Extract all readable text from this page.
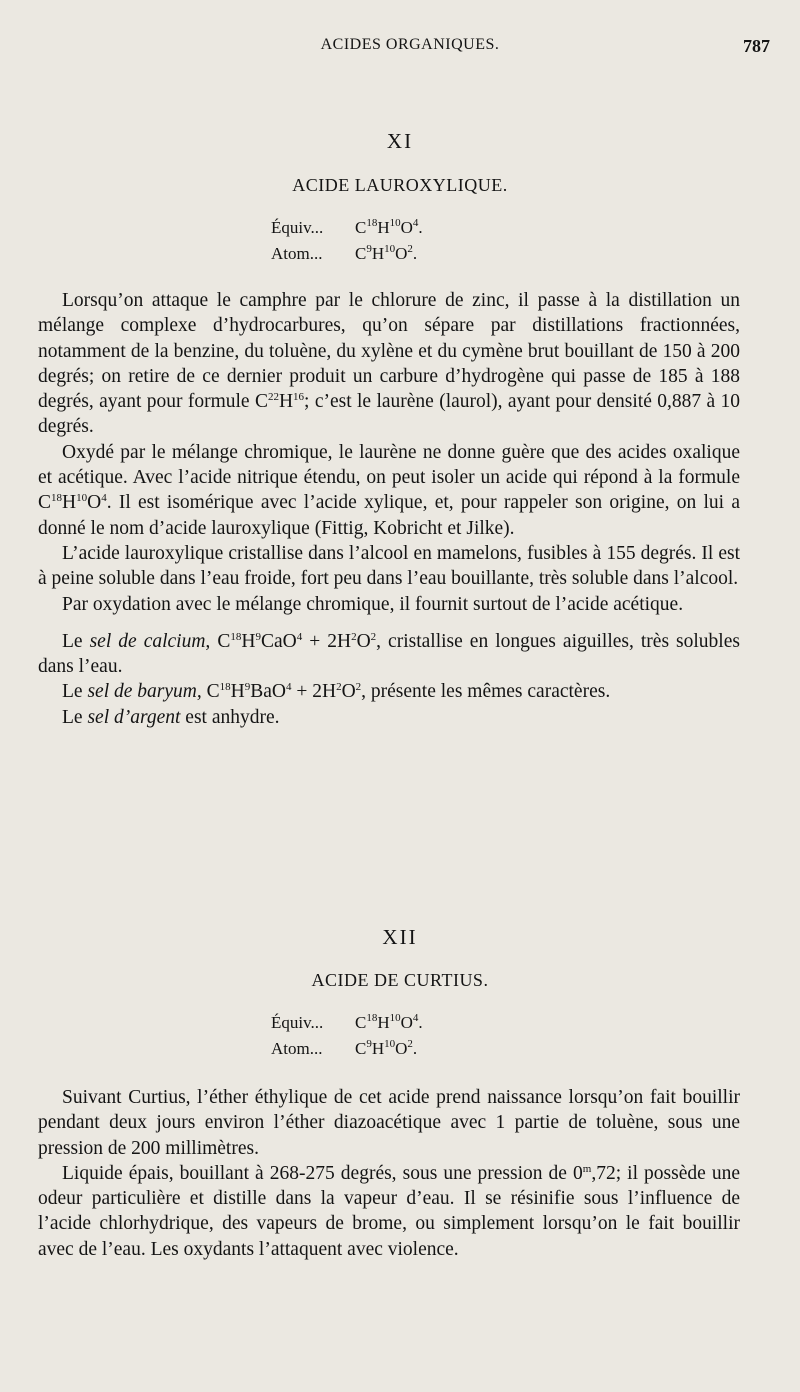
ACIDES ORGANIQUES.	787
XI
ACIDE LAUROXYLIQUE.
Équiv... $C^{18}H^{10}O^4$.
Atom... $C^9H^{10}O^2$.

Lorsqu’on attaque le camphre par le chlorure de zinc, il passe à la distillation un mélange complexe d’hydrocarbures, qu’on sépare par distillations fractionnées, notamment de la benzine, du toluène, du xylène et du cymène brut bouillant de 150 à 200 degrés; on retire de ce dernier produit un carbure d’hydrogène qui passe de 185 à 188 degrés, ayant pour formule $C^{22}H^{16}$; c’est le laurène (laurol), ayant pour densité 0,887 à 10 degrés.

Oxydé par le mélange chromique, le laurène ne donne guère que des acides oxalique et acétique. Avec l’acide nitrique étendu, on peut isoler un acide qui répond à la formule $C^{18}H^{10}O^4$. Il est isomérique avec l’acide xylique, et, pour rappeler son origine, on lui a donné le nom d’acide lauroxylique (Fittig, Kobricht et Jilke).

L’acide lauroxylique cristallise dans l’alcool en mamelons, fusibles à 155 degrés. Il est à peine soluble dans l’eau froide, fort peu dans l’eau bouillante, très soluble dans l’alcool.

Par oxydation avec le mélange chromique, il fournit surtout de l’acide acétique.

Le sel de calcium, $C^{18}H^9CaO^4 + 2H^2O^2$, cristallise en longues aiguilles, très solubles dans l’eau.

Le sel de baryum, $C^{18}H^9BaO^4 + 2H^2O^2$, présente les mêmes caractères.

Le sel d’argent est anhydre.

XII
ACIDE DE CURTIUS.
Équiv... $C^{18}H^{10}O^4$.
Atom... $C^9H^{10}O^2$.

Suivant Curtius, l’éther éthylique de cet acide prend naissance lorsqu’on fait bouillir pendant deux jours environ l’éther diazoacétique avec 1 partie de toluène, sous une pression de 200 millimètres.

Liquide épais, bouillant à 268-275 degrés, sous une pression de 0$^m$,72; il possède une odeur particulière et distille dans la vapeur d’eau. Il se résinifie sous l’influence de l’acide chlorhydrique, des vapeurs de brome, ou simplement lorsqu’on le fait bouillir avec de l’eau. Les oxydants l’attaquent avec violence.
